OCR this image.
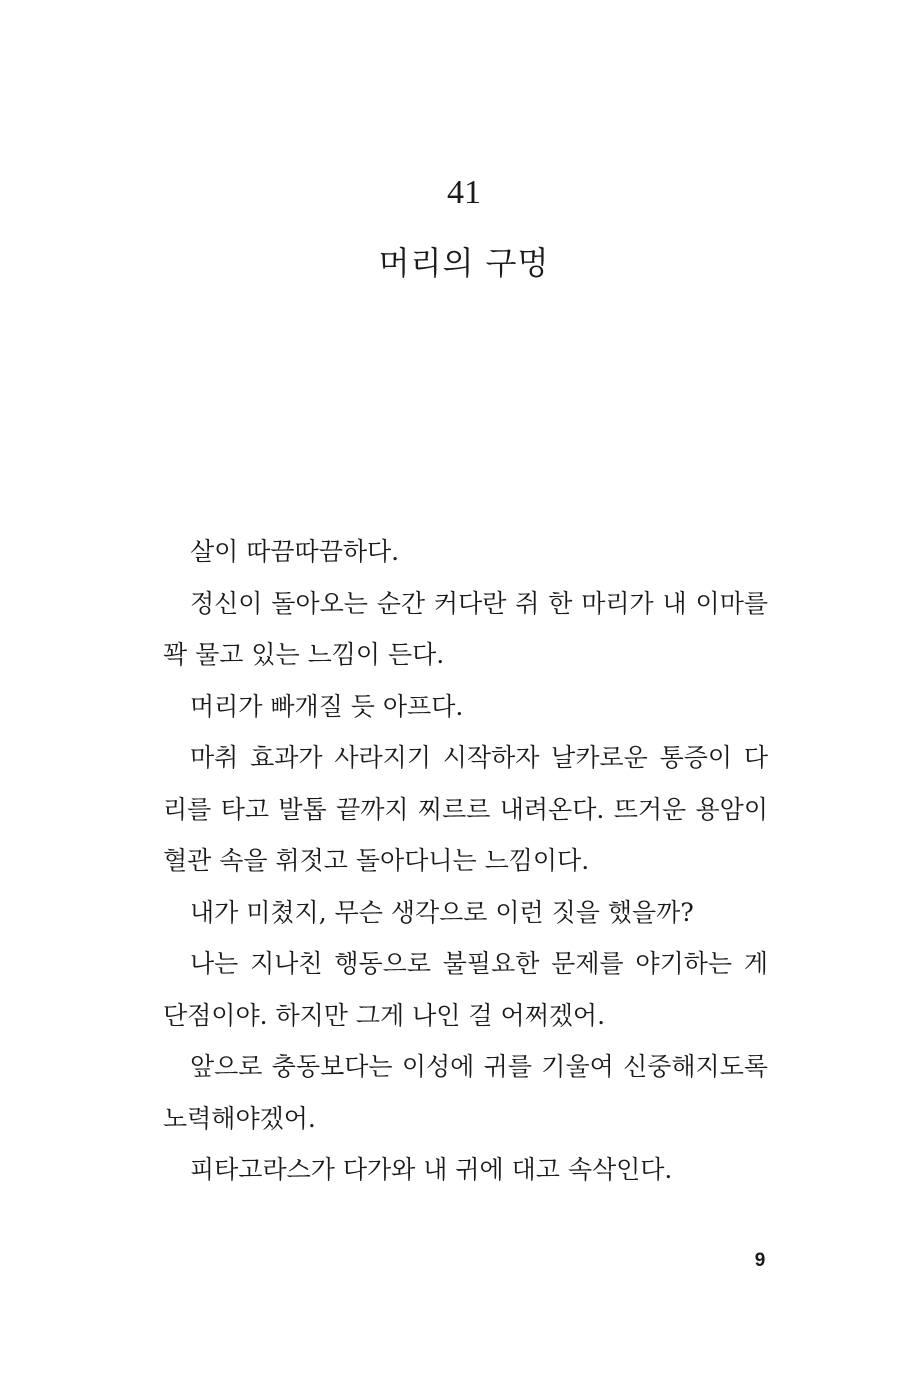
41
머리의 구멍
살이 따끔따끔하다.
정신이 돌아오는 순간 커다란 쥐 한 마리가 내 이마를
꽉 물고 있는 느낌이 든다.
머리가 빠개질 듯 아프다.
마취 효과가 사라지기 시작하자 날카로운 통증이 다
리를 타고 발톱 끝까지 찌르르 내려온다. 뜨거운 용암이
혈관 속을 휘젓고 돌아다니는 느낌이다.
내가 미쳤지, 무슨 생각으로 이런 짓을 했을까?
나는 지나친 행동으로 불필요한 문제를 야기하는 게
단점이야. 하지만 그게 나인 걸 어쩌겠어.
앞으로 충동보다는 이성에 귀를 기울여 신중해지도록
노력해야겠어.
피타고라스가 다가와 내 귀에 대고 속삭인다.
9
